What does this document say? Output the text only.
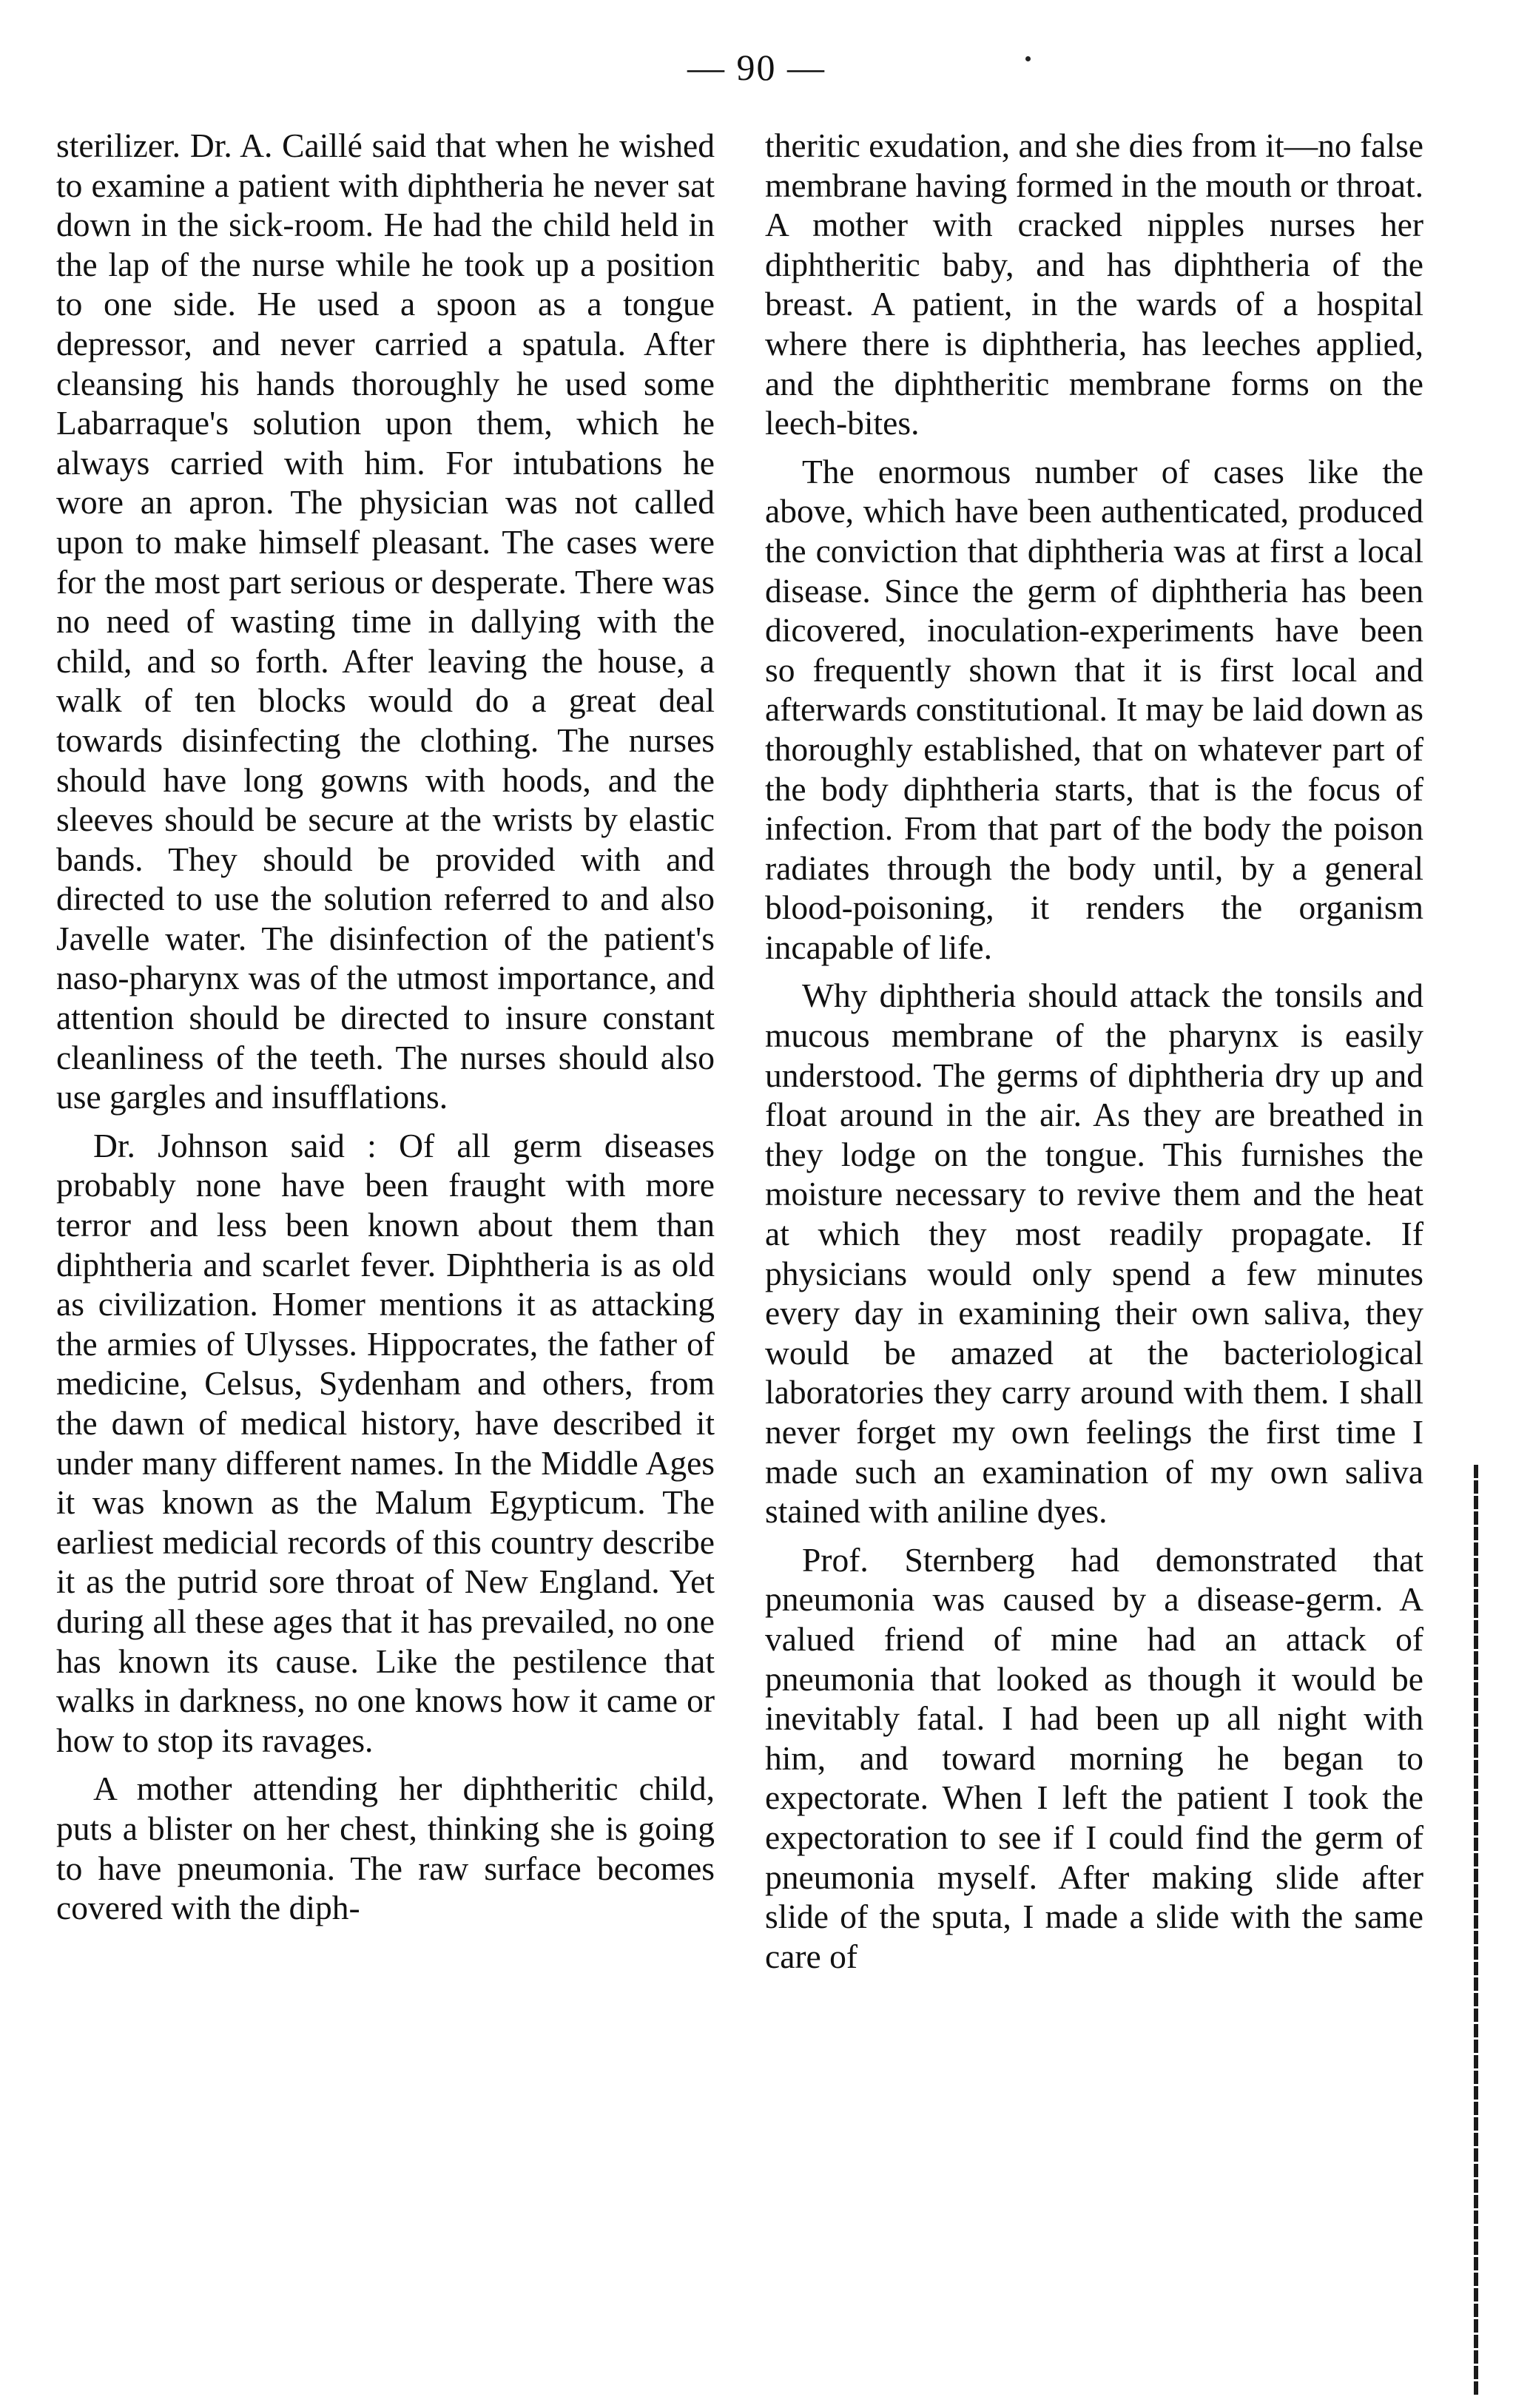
— 90 —

sterilizer. Dr. A. Caillé said that when he wished to examine a patient with diphtheria he never sat down in the sick-room. He had the child held in the lap of the nurse while he took up a position to one side. He used a spoon as a tongue depressor, and never carried a spatula. After cleansing his hands thoroughly he used some Labarraque's solution upon them, which he always carried with him. For intubations he wore an apron. The physician was not called upon to make himself pleasant. The cases were for the most part serious or desperate. There was no need of wasting time in dallying with the child, and so forth. After leaving the house, a walk of ten blocks would do a great deal towards disinfecting the clothing. The nurses should have long gowns with hoods, and the sleeves should be secure at the wrists by elastic bands. They should be provided with and directed to use the solution referred to and also Javelle water. The disinfection of the patient's naso-pharynx was of the utmost importance, and attention should be directed to insure constant cleanliness of the teeth. The nurses should also use gargles and insufflations.

Dr. Johnson said : Of all germ diseases probably none have been fraught with more terror and less been known about them than diphtheria and scarlet fever. Diphtheria is as old as civilization. Homer mentions it as attacking the armies of Ulysses. Hippocrates, the father of medicine, Celsus, Sydenham and others, from the dawn of medical history, have described it under many different names. In the Middle Ages it was known as the Malum Egypticum. The earliest medicial records of this country describe it as the putrid sore throat of New England. Yet during all these ages that it has prevailed, no one has known its cause. Like the pestilence that walks in darkness, no one knows how it came or how to stop its ravages.

A mother attending her diphtheritic child, puts a blister on her chest, thinking she is going to have pneumonia. The raw surface becomes covered with the diph-

theritic exudation, and she dies from it—no false membrane having formed in the mouth or throat. A mother with cracked nipples nurses her diphtheritic baby, and has diphtheria of the breast. A patient, in the wards of a hospital where there is diphtheria, has leeches applied, and the diphtheritic membrane forms on the leech-bites.

The enormous number of cases like the above, which have been authenticated, produced the conviction that diphtheria was at first a local disease. Since the germ of diphtheria has been dicovered, inoculation-experiments have been so frequently shown that it is first local and afterwards constitutional. It may be laid down as thoroughly established, that on whatever part of the body diphtheria starts, that is the focus of infection. From that part of the body the poison radiates through the body until, by a general blood-poisoning, it renders the organism incapable of life.

Why diphtheria should attack the tonsils and mucous membrane of the pharynx is easily understood. The germs of diphtheria dry up and float around in the air. As they are breathed in they lodge on the tongue. This furnishes the moisture necessary to revive them and the heat at which they most readily propagate. If physicians would only spend a few minutes every day in examining their own saliva, they would be amazed at the bacteriological laboratories they carry around with them. I shall never forget my own feelings the first time I made such an examination of my own saliva stained with aniline dyes.

Prof. Sternberg had demonstrated that pneumonia was caused by a disease-germ. A valued friend of mine had an attack of pneumonia that looked as though it would be inevitably fatal. I had been up all night with him, and toward morning he began to expectorate. When I left the patient I took the expectoration to see if I could find the germ of pneumonia myself. After making slide after slide of the sputa, I made a slide with the same care of
